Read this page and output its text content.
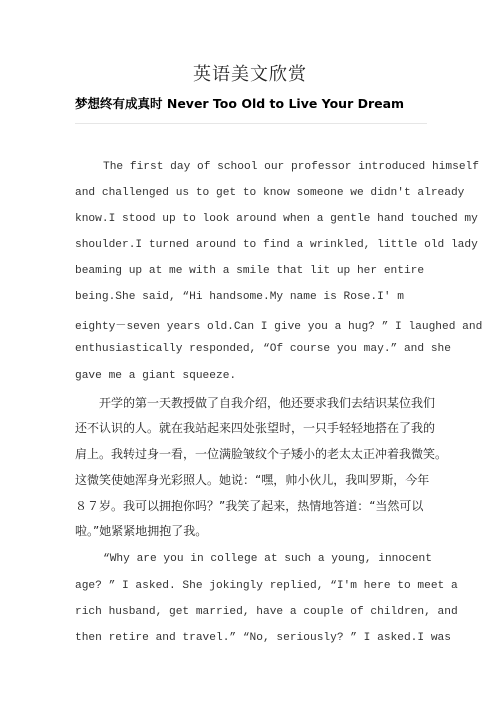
英语美文欣赏
梦想终有成真时 Never Too Old to Live Your Dream
The first day of school our professor introduced himself
and challenged us to get to know someone we didn't already
know.I stood up to look around when a gentle hand touched my
shoulder.I turned around to find a wrinkled, little old lady
beaming up at me with a smile that lit up her entire
being.She said, “Hi handsome.My name is Rose.I' m
eighty－seven years old.Can I give you a hug? ” I laughed and
enthusiastically responded, “Of course you may.” and she
gave me a giant squeeze.
开学的第一天教授做了自我介绍，他还要求我们去结识某位我们
还不认识的人。就在我站起来四处张望时，一只手轻轻地搭在了我的
肩上。我转过身一看，一位满脸皱纹个子矮小的老太太正冲着我微笑。
这微笑使她浑身光彩照人。她说：“嘿，帅小伙儿，我叫罗斯，今年
８７岁。我可以拥抱你吗？”我笑了起来，热情地答道：“当然可以
啦。”她紧紧地拥抱了我。
“Why are you in college at such a young, innocent
age? ” I asked. She jokingly replied, “I'm here to meet a
rich husband, get married, have a couple of children, and
then retire and travel.” “No, seriously? ” I asked.I was
